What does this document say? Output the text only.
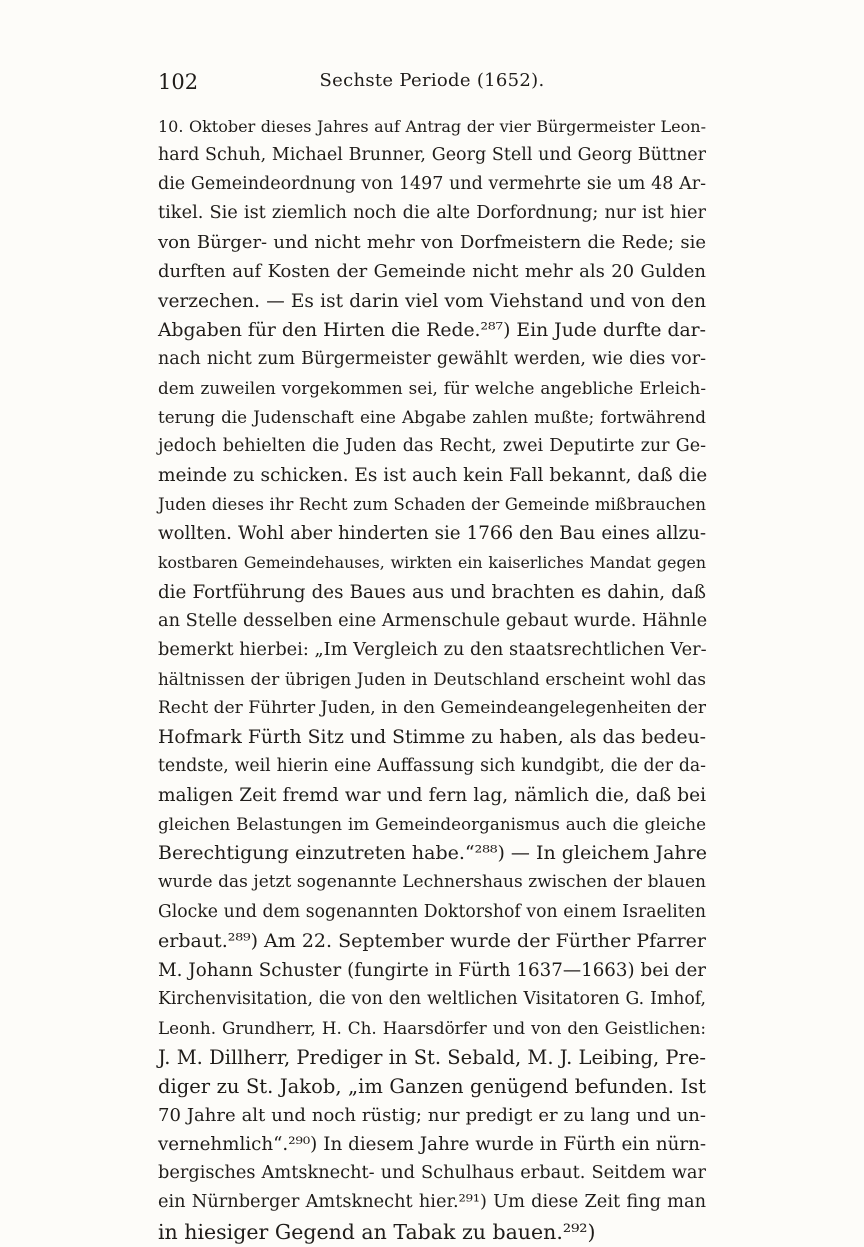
102	Sechste Periode (1652).
10. Oktober dieses Jahres auf Antrag der vier Bürgermeister Leon-
hard Schuh, Michael Brunner, Georg Stell und Georg Büttner
die Gemeindeordnung von 1497 und vermehrte sie um 48 Ar-
tikel. Sie ist ziemlich noch die alte Dorfordnung; nur ist hier
von Bürger- und nicht mehr von Dorfmeistern die Rede; sie
durften auf Kosten der Gemeinde nicht mehr als 20 Gulden
verzechen. — Es ist darin viel vom Viehstand und von den
Abgaben für den Hirten die Rede.²⁸⁷) Ein Jude durfte dar-
nach nicht zum Bürgermeister gewählt werden, wie dies vor-
dem zuweilen vorgekommen sei, für welche angebliche Erleich-
terung die Judenschaft eine Abgabe zahlen mußte; fortwährend
jedoch behielten die Juden das Recht, zwei Deputirte zur Ge-
meinde zu schicken. Es ist auch kein Fall bekannt, daß die
Juden dieses ihr Recht zum Schaden der Gemeinde mißbrauchen
wollten. Wohl aber hinderten sie 1766 den Bau eines allzu-
kostbaren Gemeindehauses, wirkten ein kaiserliches Mandat gegen
die Fortführung des Baues aus und brachten es dahin, daß
an Stelle desselben eine Armenschule gebaut wurde. Hähnle
bemerkt hierbei: „Im Vergleich zu den staatsrechtlichen Ver-
hältnissen der übrigen Juden in Deutschland erscheint wohl das
Recht der Führter Juden, in den Gemeindeangelegenheiten der
Hofmark Fürth Sitz und Stimme zu haben, als das bedeu-
tendste, weil hierin eine Auffassung sich kundgibt, die der da-
maligen Zeit fremd war und fern lag, nämlich die, daß bei
gleichen Belastungen im Gemeindeorganismus auch die gleiche
Berechtigung einzutreten habe.“²⁸⁸) — In gleichem Jahre
wurde das jetzt sogenannte Lechnershaus zwischen der blauen
Glocke und dem sogenannten Doktorshof von einem Israeliten
erbaut.²⁸⁹) Am 22. September wurde der Fürther Pfarrer
M. Johann Schuster (fungirte in Fürth 1637—1663) bei der
Kirchenvisitation, die von den weltlichen Visitatoren G. Imhof,
Leonh. Grundherr, H. Ch. Haarsdörfer und von den Geistlichen:
J. M. Dillherr, Prediger in St. Sebald, M. J. Leibing, Pre-
diger zu St. Jakob, „im Ganzen genügend befunden. Ist
70 Jahre alt und noch rüstig; nur predigt er zu lang und un-
vernehmlich“.²⁹⁰) In diesem Jahre wurde in Fürth ein nürn-
bergisches Amtsknecht- und Schulhaus erbaut. Seitdem war
ein Nürnberger Amtsknecht hier.²⁹¹) Um diese Zeit fing man
in hiesiger Gegend an Tabak zu bauen.²⁹²)
